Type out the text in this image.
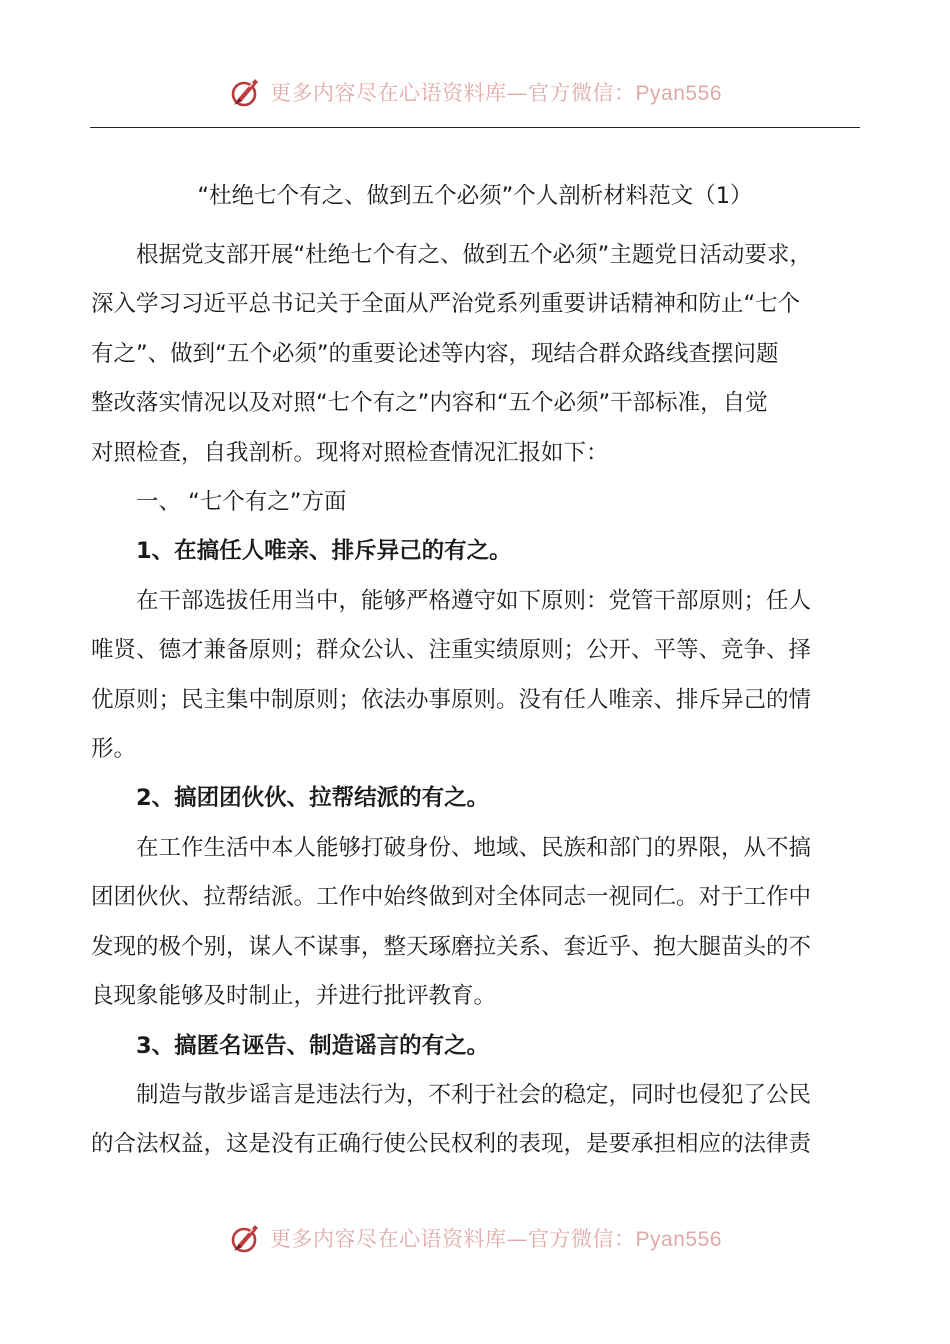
更多内容尽在心语资料库—官方微信：Pyan556
“杜绝七个有之、做到五个必须”个人剖析材料范文（1）

根据党支部开展“杜绝七个有之、做到五个必须”主题党日活动要求，
深入学习习近平总书记关于全面从严治党系列重要讲话精神和防止“七个
有之”、做到“五个必须”的重要论述等内容，现结合群众路线查摆问题
整改落实情况以及对照“七个有之”内容和“五个必须”干部标准，自觉
对照检查，自我剖析。现将对照检查情况汇报如下：

一、 “七个有之”方面

1、在搞任人唯亲、排斥异己的有之。

在干部选拔任用当中，能够严格遵守如下原则：党管干部原则；任人
唯贤、德才兼备原则；群众公认、注重实绩原则；公开、平等、竞争、择
优原则；民主集中制原则；依法办事原则。没有任人唯亲、排斥异己的情
形。

2、搞团团伙伙、拉帮结派的有之。

在工作生活中本人能够打破身份、地域、民族和部门的界限，从不搞
团团伙伙、拉帮结派。工作中始终做到对全体同志一视同仁。对于工作中
发现的极个别，谋人不谋事，整天琢磨拉关系、套近乎、抱大腿苗头的不
良现象能够及时制止，并进行批评教育。

3、搞匿名诬告、制造谣言的有之。

制造与散步谣言是违法行为，不利于社会的稳定，同时也侵犯了公民
的合法权益，这是没有正确行使公民权利的表现，是要承担相应的法律责

更多内容尽在心语资料库—官方微信：Pyan556
